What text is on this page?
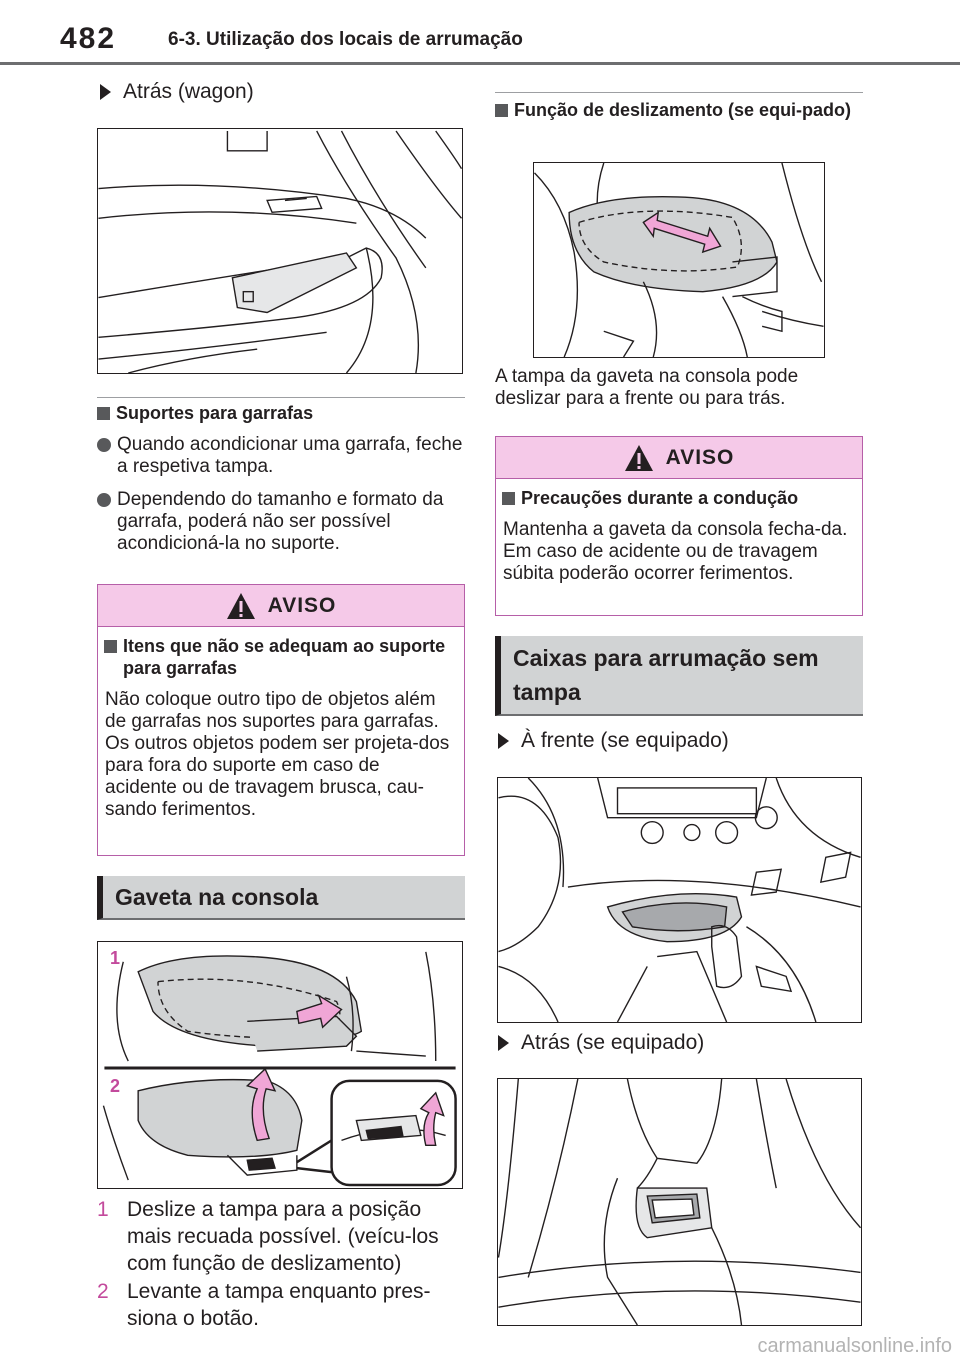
482	6-3. Utilização dos locais de arrumação
Atrás (wagon)
Suportes para garrafas
Quando acondicionar uma garrafa, feche a respetiva tampa.
Dependendo do tamanho e formato da garrafa, poderá não ser possível acondicioná-la no suporte.
AVISO
Itens que não se adequam ao suporte para garrafas
Não coloque outro tipo de objetos além de garrafas nos suportes para garrafas.
Os outros objetos podem ser projeta-dos para fora do suporte em caso de acidente ou de travagem brusca, cau-sando ferimentos.
Gaveta na consola
1
2
1 Deslize a tampa para a posição mais recuada possível. (veícu-los com função de deslizamento)
2 Levante a tampa enquanto pres-siona o botão.
Função de deslizamento (se equi-pado)
A tampa da gaveta na consola pode deslizar para a frente ou para trás.
AVISO
Precauções durante a condução
Mantenha a gaveta da consola fecha-da.
Em caso de acidente ou de travagem súbita poderão ocorrer ferimentos.
Caixas para arrumação sem tampa
À frente (se equipado)
Atrás (se equipado)
carmanualsonline.info
